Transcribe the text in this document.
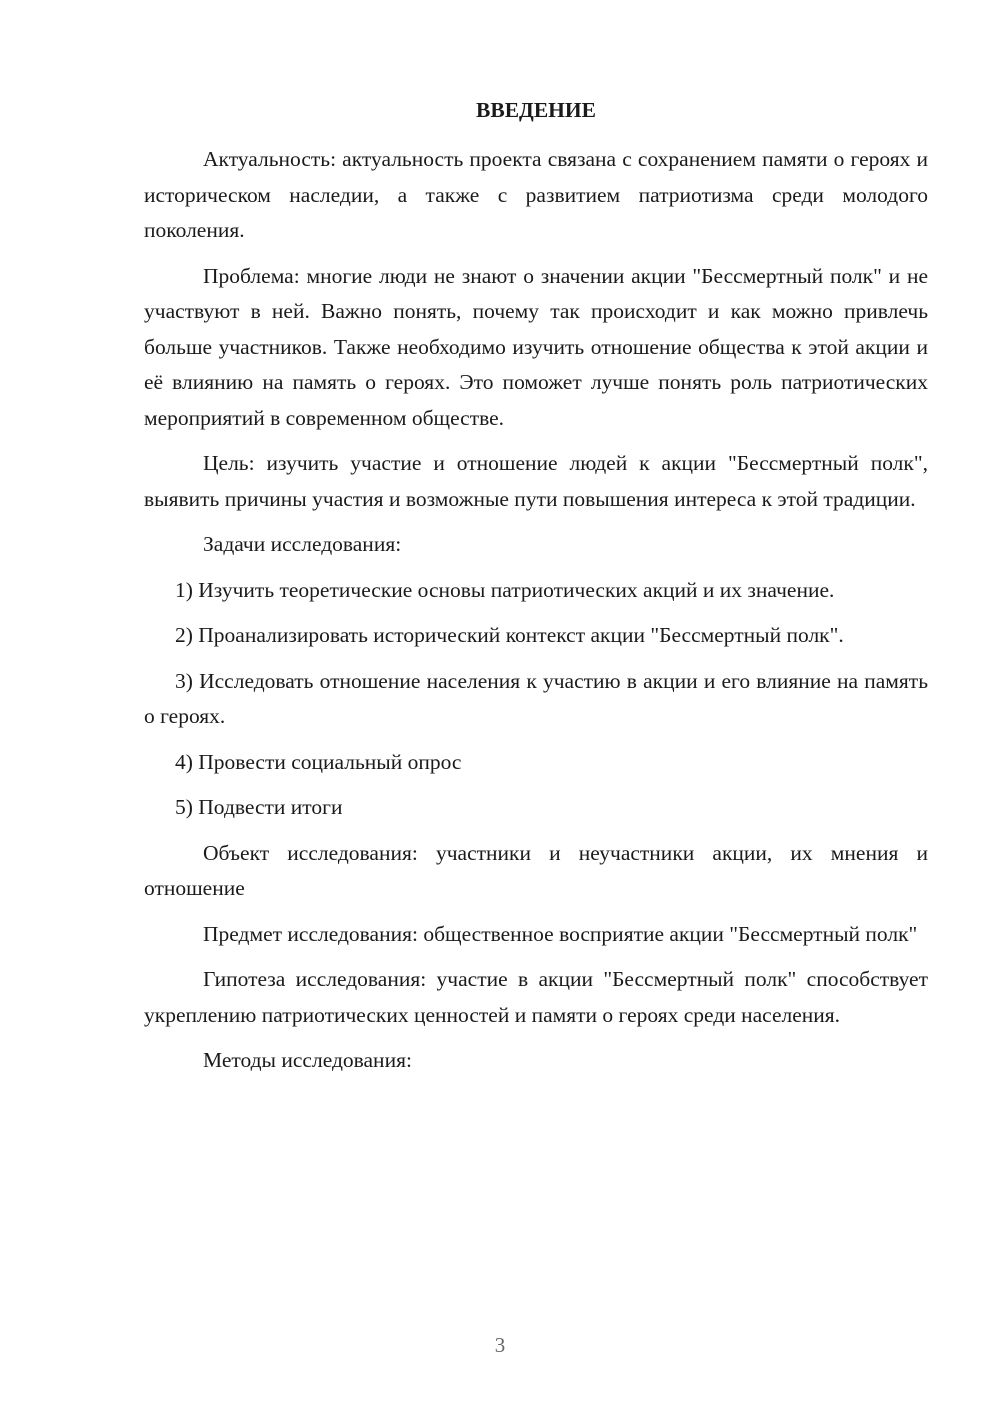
ВВЕДЕНИЕ

Актуальность: актуальность проекта связана с сохранением памяти о героях и историческом наследии, а также с развитием патриотизма среди молодого поколения.

Проблема: многие люди не знают о значении акции "Бессмертный полк" и не участвуют в ней. Важно понять, почему так происходит и как можно привлечь больше участников. Также необходимо изучить отношение общества к этой акции и её влиянию на память о героях. Это поможет лучше понять роль патриотических мероприятий в современном обществе.

Цель: изучить участие и отношение людей к акции "Бессмертный полк", выявить причины участия и возможные пути повышения интереса к этой традиции.

Задачи исследования:

1) Изучить теоретические основы патриотических акций и их значение.

2) Проанализировать исторический контекст акции "Бессмертный полк".

3) Исследовать отношение населения к участию в акции и его влияние на память о героях.

4) Провести социальный опрос

5) Подвести итоги

Объект исследования: участники и неучастники акции, их мнения и отношение

Предмет исследования: общественное восприятие акции "Бессмертный полк"

Гипотеза исследования: участие в акции "Бессмертный полк" способствует укреплению патриотических ценностей и памяти о героях среди населения.

Методы исследования:

3
